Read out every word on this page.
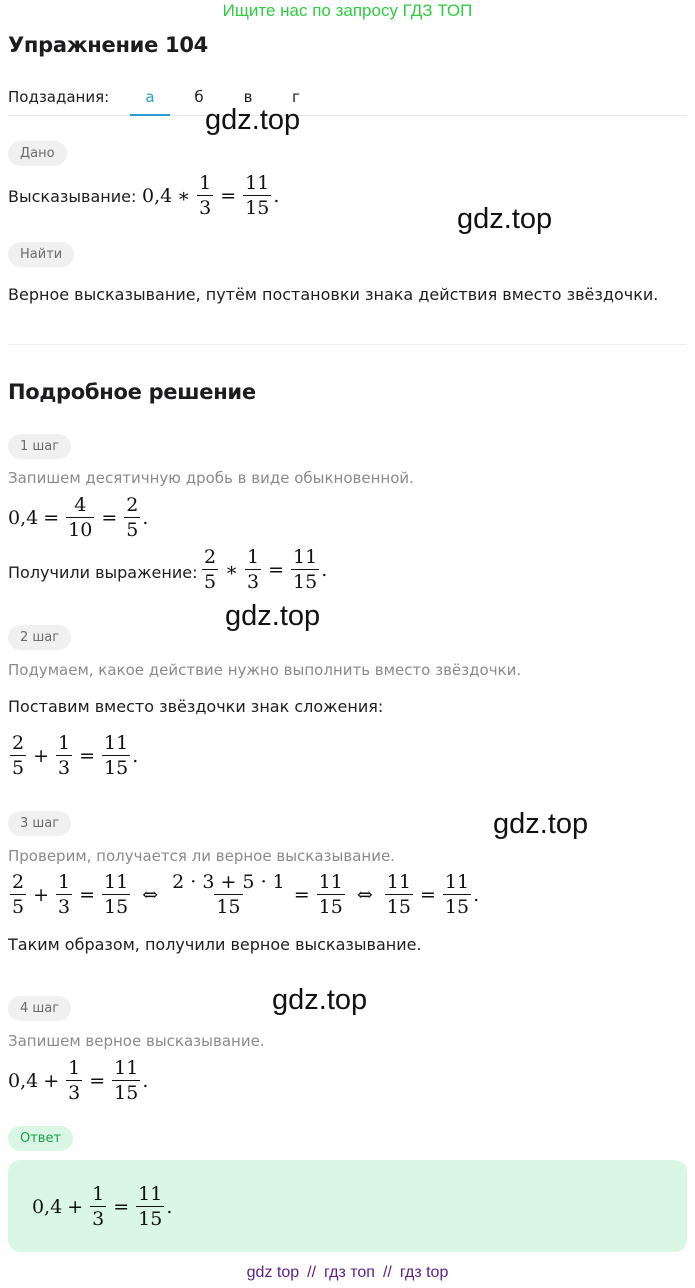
Ищите нас по запросу ГДЗ ТОП
Упражнение 104
Подзадания:	а	б	в	г
gdz.top
gdz.top
gdz.top
gdz.top
gdz.top
Дано
Высказывание: 0,4 ∗ $\frac{1}{3} = \frac{11}{15}$ .
Найти
Верное высказывание, путём постановки знака действия вместо звёздочки.
Подробное решение
1 шаг
Запишем десятичную дробь в виде обыкновенной.
$0,4 = \frac{4}{10} = \frac{2}{5}$ .
Получили выражение: $\frac{2}{5}$ ∗ $\frac{1}{3} = \frac{11}{15}$ .
2 шаг
Подумаем, какое действие нужно выполнить вместо звёздочки.
Поставим вместо звёздочки знак сложения:
$\frac{2}{5} + \frac{1}{3} = \frac{11}{15}$ .
3 шаг
Проверим, получается ли верное высказывание.
$\frac{2}{5} + \frac{1}{3} = \frac{11}{15}$ ⇔ $\frac{2 \cdot 3 + 5 \cdot 1}{15} = \frac{11}{15}$ ⇔ $\frac{11}{15} = \frac{11}{15}$ .
Таким образом, получили верное высказывание.
4 шаг
Запишем верное высказывание.
$0,4 + \frac{1}{3} = \frac{11}{15}$ .
Ответ
$0,4 + \frac{1}{3} = \frac{11}{15}$ .
gdz top // гдз топ // гдз top
